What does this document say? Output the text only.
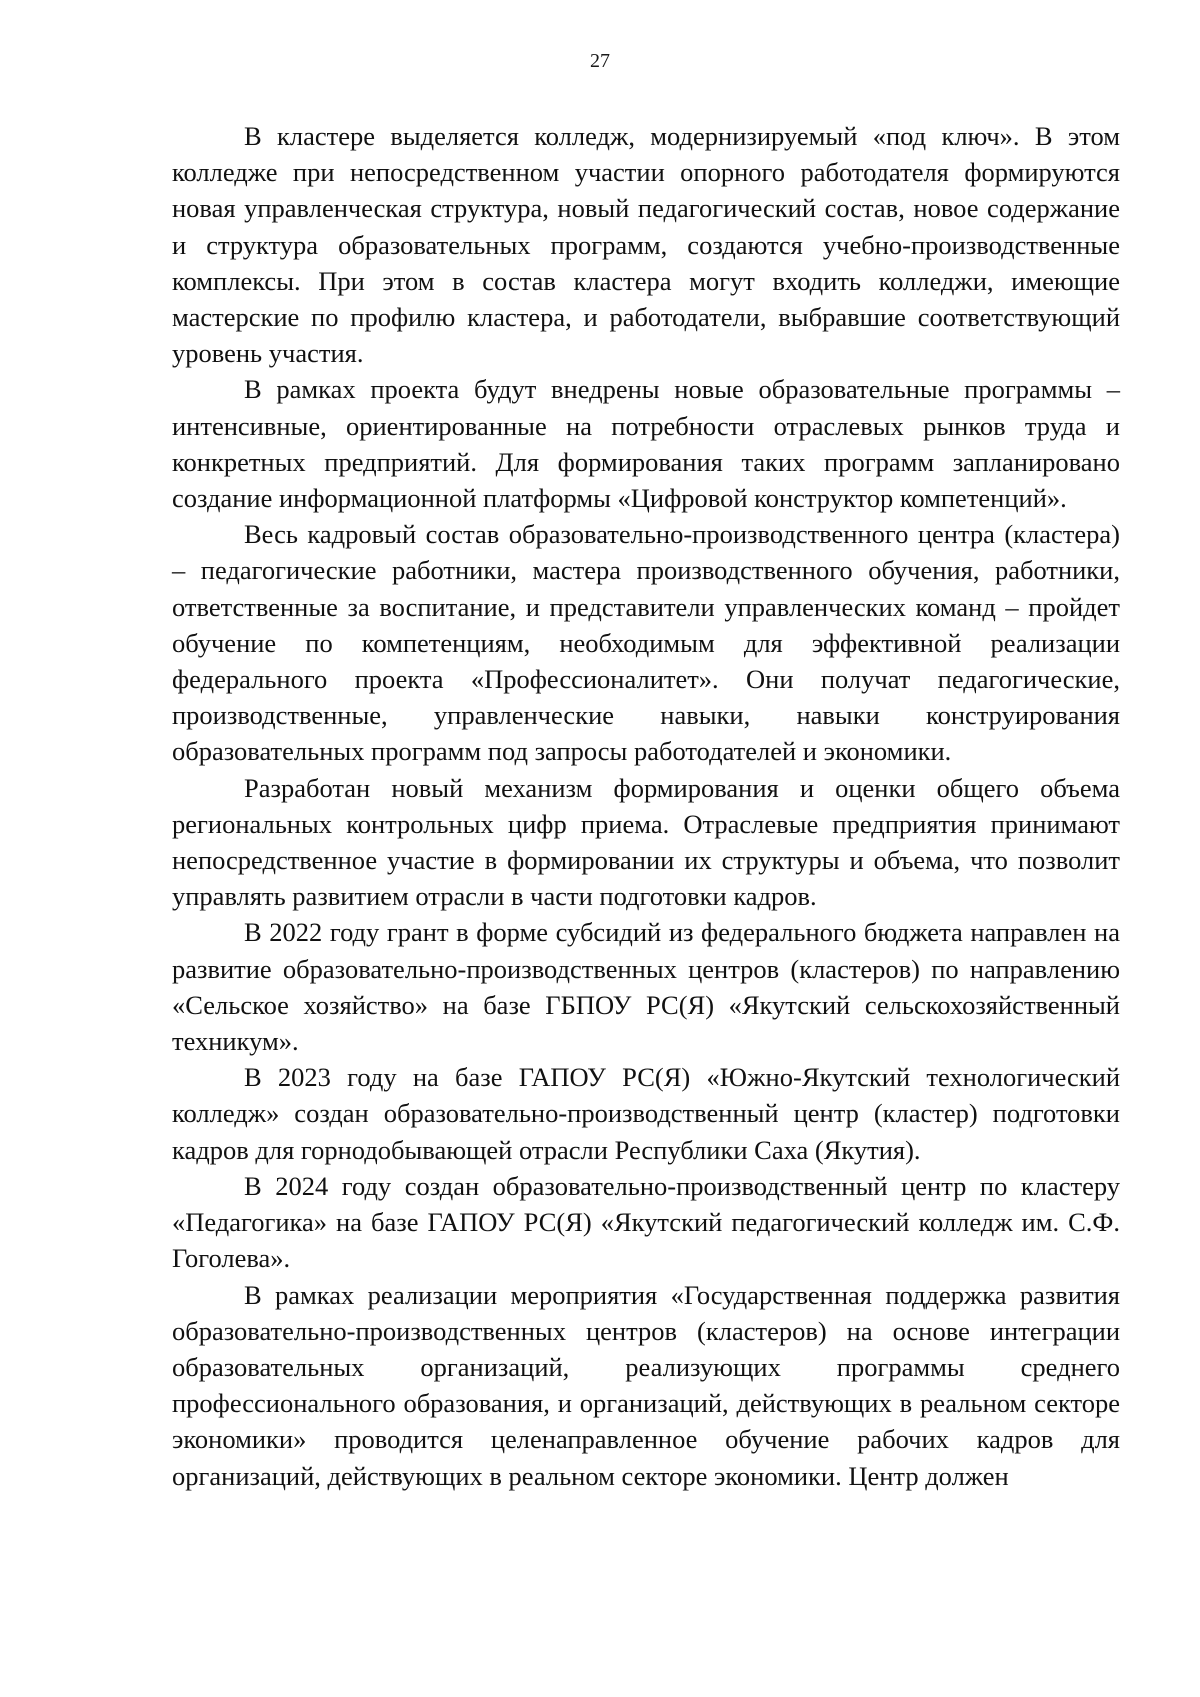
27

В кластере выделяется колледж, модернизируемый «под ключ». В этом колледже при непосредственном участии опорного работодателя формируются новая управленческая структура, новый педагогический состав, новое содержание и структура образовательных программ, создаются учебно-производственные комплексы. При этом в состав кластера могут входить колледжи, имеющие мастерские по профилю кластера, и работодатели, выбравшие соответствующий уровень участия.

В рамках проекта будут внедрены новые образовательные программы – интенсивные, ориентированные на потребности отраслевых рынков труда и конкретных предприятий. Для формирования таких программ запланировано создание информационной платформы «Цифровой конструктор компетенций».

Весь кадровый состав образовательно-производственного центра (кластера) – педагогические работники, мастера производственного обучения, работники, ответственные за воспитание, и представители управленческих команд – пройдет обучение по компетенциям, необходимым для эффективной реализации федерального проекта «Профессионалитет». Они получат педагогические, производственные, управленческие навыки, навыки конструирования образовательных программ под запросы работодателей и экономики.

Разработан новый механизм формирования и оценки общего объема региональных контрольных цифр приема. Отраслевые предприятия принимают непосредственное участие в формировании их структуры и объема, что позволит управлять развитием отрасли в части подготовки кадров.

В 2022 году грант в форме субсидий из федерального бюджета направлен на развитие образовательно-производственных центров (кластеров) по направлению «Сельское хозяйство» на базе ГБПОУ РС(Я) «Якутский сельскохозяйственный техникум».

В 2023 году на базе ГАПОУ РС(Я) «Южно-Якутский технологический колледж» создан образовательно-производственный центр (кластер) подготовки кадров для горнодобывающей отрасли Республики Саха (Якутия).

В 2024 году создан образовательно-производственный центр по кластеру «Педагогика» на базе ГАПОУ РС(Я) «Якутский педагогический колледж им. С.Ф. Гоголева».

В рамках реализации мероприятия «Государственная поддержка развития образовательно-производственных центров (кластеров) на основе интеграции образовательных организаций, реализующих программы среднего профессионального образования, и организаций, действующих в реальном секторе экономики» проводится целенаправленное обучение рабочих кадров для организаций, действующих в реальном секторе экономики. Центр должен
